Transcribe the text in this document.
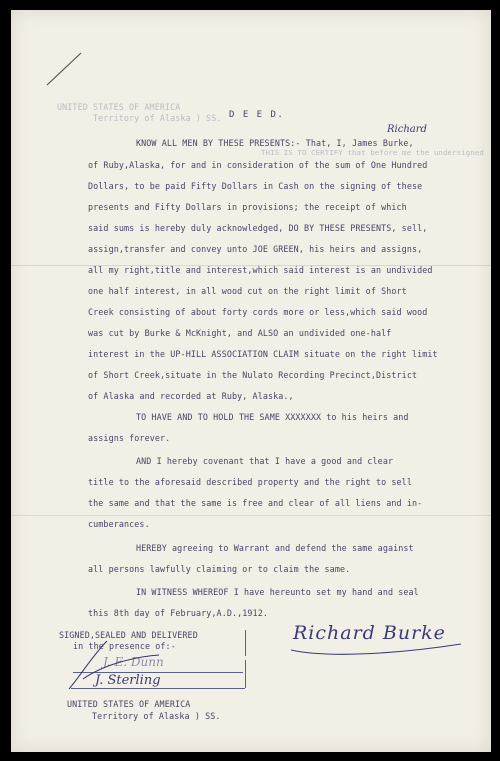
UNITED STATES OF AMERICA

Territory of Alaska ) SS.

THIS IS TO CERTIFY that before me the undersigned

D E E D.

Richard

KNOW ALL MEN BY THESE PRESENTS:- That, I, James Burke,

of Ruby,Alaska, for and in consideration of the sum of One Hundred

Dollars, to be paid Fifty Dollars in Cash on the signing of these

presents and Fifty Dollars in provisions; the receipt of which

said sums is hereby duly acknowledged, DO BY THESE PRESENTS, sell,

assign,transfer and convey unto JOE GREEN, his heirs and assigns,

all my right,title and interest,which said interest is an undivided

one half interest, in all wood cut on the right limit of Short

Creek consisting of about forty cords more or less,which said wood

was cut by Burke & McKnight, and ALSO an undivided one-half

interest in the UP-HILL ASSOCIATION CLAIM situate on the right limit

of Short Creek,situate in the Nulato Recording Precinct,District

of Alaska and recorded at Ruby, Alaska.,

TO HAVE AND TO HOLD THE SAME XXXXXXX to his heirs and

assigns forever.

AND I hereby covenant that I have a good and clear

title to the aforesaid described property and the right to sell

the same and that the same is free and clear of all liens and in-

cumberances.

HEREBY agreeing to Warrant and defend the same against

all persons lawfully claiming or to claim the same.

IN WITNESS WHEREOF I have hereunto set my hand and seal

this 8th day of February,A.D.,1912.

SIGNED,SEALED AND DELIVERED

in the presence of:-

J. E. Dunn

J. Sterling

Richard Burke

UNITED STATES OF AMERICA

Territory of Alaska ) SS.
